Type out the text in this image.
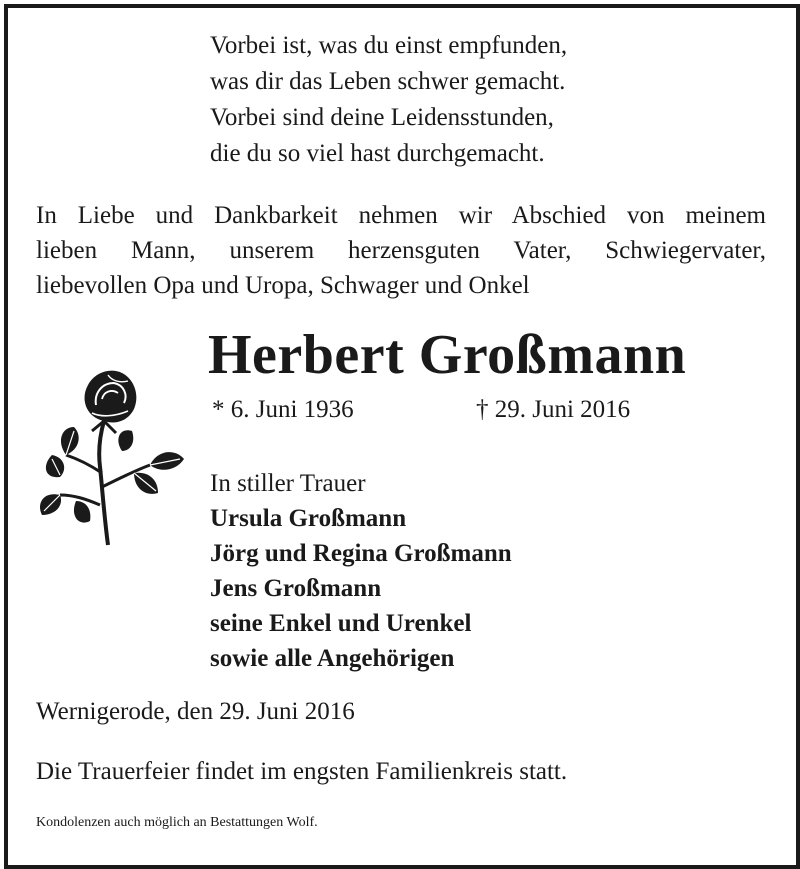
Vorbei ist, was du einst empfunden,
was dir das Leben schwer gemacht.
Vorbei sind deine Leidensstunden,
die du so viel hast durchgemacht.
In Liebe und Dankbarkeit nehmen wir Abschied von meinem
lieben Mann, unserem herzensguten Vater, Schwiegervater,
liebevollen Opa und Uropa, Schwager und Onkel
Herbert Großmann
* 6. Juni 1936	† 29. Juni 2016
In stiller Trauer
Ursula Großmann
Jörg und Regina Großmann
Jens Großmann
seine Enkel und Urenkel
sowie alle Angehörigen
Wernigerode, den 29. Juni 2016
Die Trauerfeier findet im engsten Familienkreis statt.
Kondolenzen auch möglich an Bestattungen Wolf.
